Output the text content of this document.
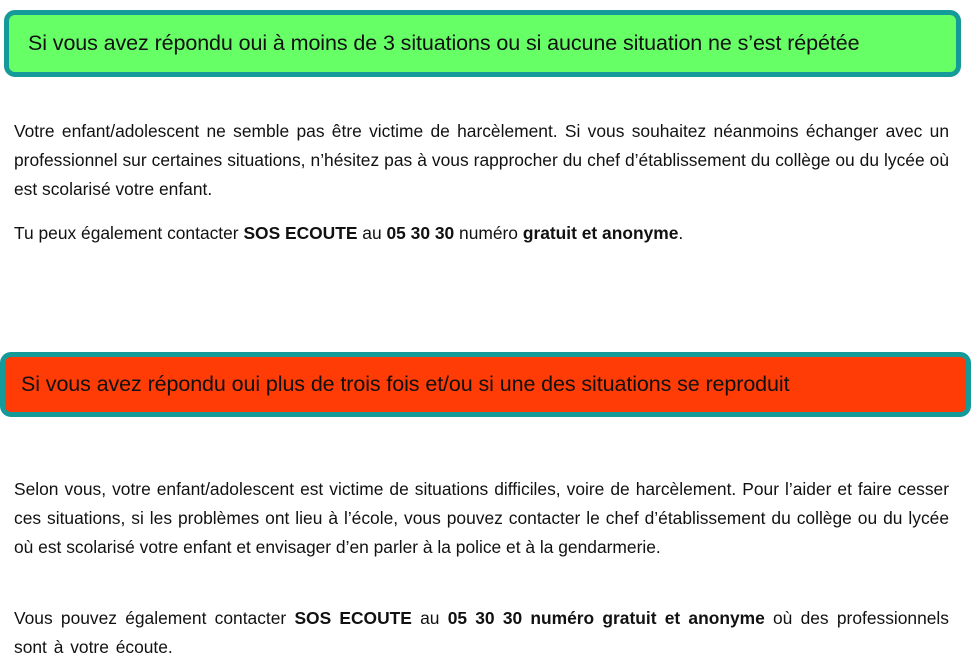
Si vous avez répondu oui à moins de 3 situations ou si aucune situation ne s’est répétée

Votre enfant/adolescent ne semble pas être victime de harcèlement. Si vous souhaitez néanmoins échanger avec un professionnel sur certaines situations, n’hésitez pas à vous rapprocher du chef d’établissement du collège ou du lycée où est scolarisé votre enfant.

Tu peux également contacter SOS ECOUTE au 05 30 30 numéro gratuit et anonyme.

Si vous avez répondu oui plus de trois fois et/ou si une des situations se reproduit

Selon vous, votre enfant/adolescent est victime de situations difficiles, voire de harcèlement. Pour l’aider et faire cesser ces situations, si les problèmes ont lieu à l’école, vous pouvez contacter le chef d’établissement du collège ou du lycée où est scolarisé votre enfant et envisager d’en parler à la police et à la gendarmerie.

Vous pouvez également contacter SOS ECOUTE au 05 30 30 numéro gratuit et anonyme où des professionnels sont à votre écoute.
